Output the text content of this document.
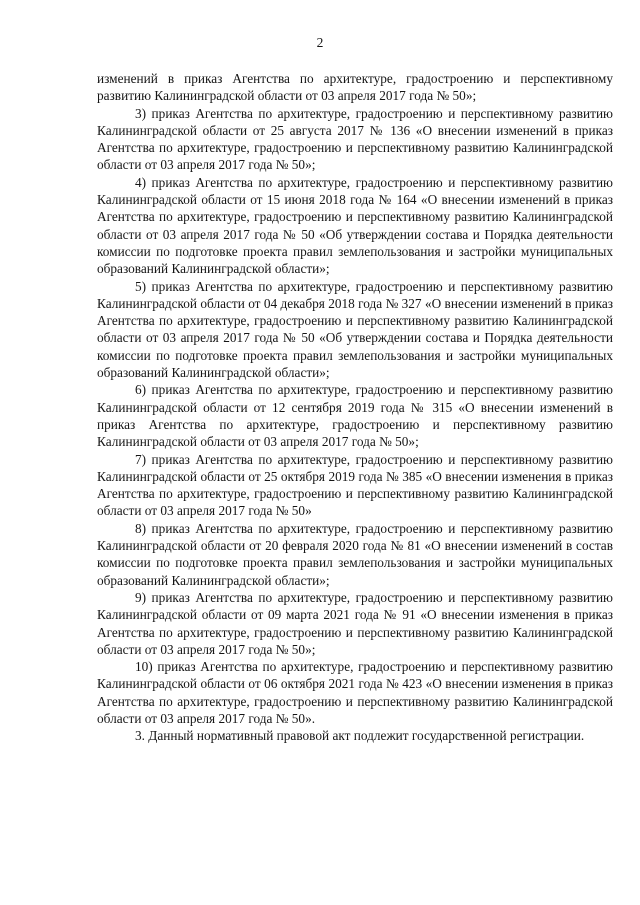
2

изменений в приказ Агентства по архитектуре, градостроению и перспективному развитию Калининградской области от 03 апреля 2017 года № 50»;

3) приказ Агентства по архитектуре, градостроению и перспективному развитию Калининградской области от 25 августа 2017 № 136 «О внесении изменений в приказ Агентства по архитектуре, градостроению и перспективному развитию Калининградской области от 03 апреля 2017 года № 50»;

4) приказ Агентства по архитектуре, градостроению и перспективному развитию Калининградской области от 15 июня 2018 года № 164 «О внесении изменений в приказ Агентства по архитектуре, градостроению и перспективному развитию Калининградской области от 03 апреля 2017 года № 50 «Об утверждении состава и Порядка деятельности комиссии по подготовке проекта правил землепользования и застройки муниципальных образований Калининградской области»;

5) приказ Агентства по архитектуре, градостроению и перспективному развитию Калининградской области от 04 декабря 2018 года № 327 «О внесении изменений в приказ Агентства по архитектуре, градостроению и перспективному развитию Калининградской области от 03 апреля 2017 года № 50 «Об утверждении состава и Порядка деятельности комиссии по подготовке проекта правил землепользования и застройки муниципальных образований Калининградской области»;

6) приказ Агентства по архитектуре, градостроению и перспективному развитию Калининградской области от 12 сентября 2019 года № 315 «О внесении изменений в приказ Агентства по архитектуре, градостроению и перспективному развитию Калининградской области от 03 апреля 2017 года № 50»;

7) приказ Агентства по архитектуре, градостроению и перспективному развитию Калининградской области от 25 октября 2019 года № 385 «О внесении изменения в приказ Агентства по архитектуре, градостроению и перспективному развитию Калининградской области от 03 апреля 2017 года № 50»

8) приказ Агентства по архитектуре, градостроению и перспективному развитию Калининградской области от 20 февраля 2020 года № 81 «О внесении изменений в состав комиссии по подготовке проекта правил землепользования и застройки муниципальных образований Калининградской области»;

9) приказ Агентства по архитектуре, градостроению и перспективному развитию Калининградской области от 09 марта 2021 года № 91 «О внесении изменения в приказ Агентства по архитектуре, градостроению и перспективному развитию Калининградской области от 03 апреля 2017 года № 50»;

10) приказ Агентства по архитектуре, градостроению и перспективному развитию Калининградской области от 06 октября 2021 года № 423 «О внесении изменения в приказ Агентства по архитектуре, градостроению и перспективному развитию Калининградской области от 03 апреля 2017 года № 50».

3. Данный нормативный правовой акт подлежит государственной регистрации.
